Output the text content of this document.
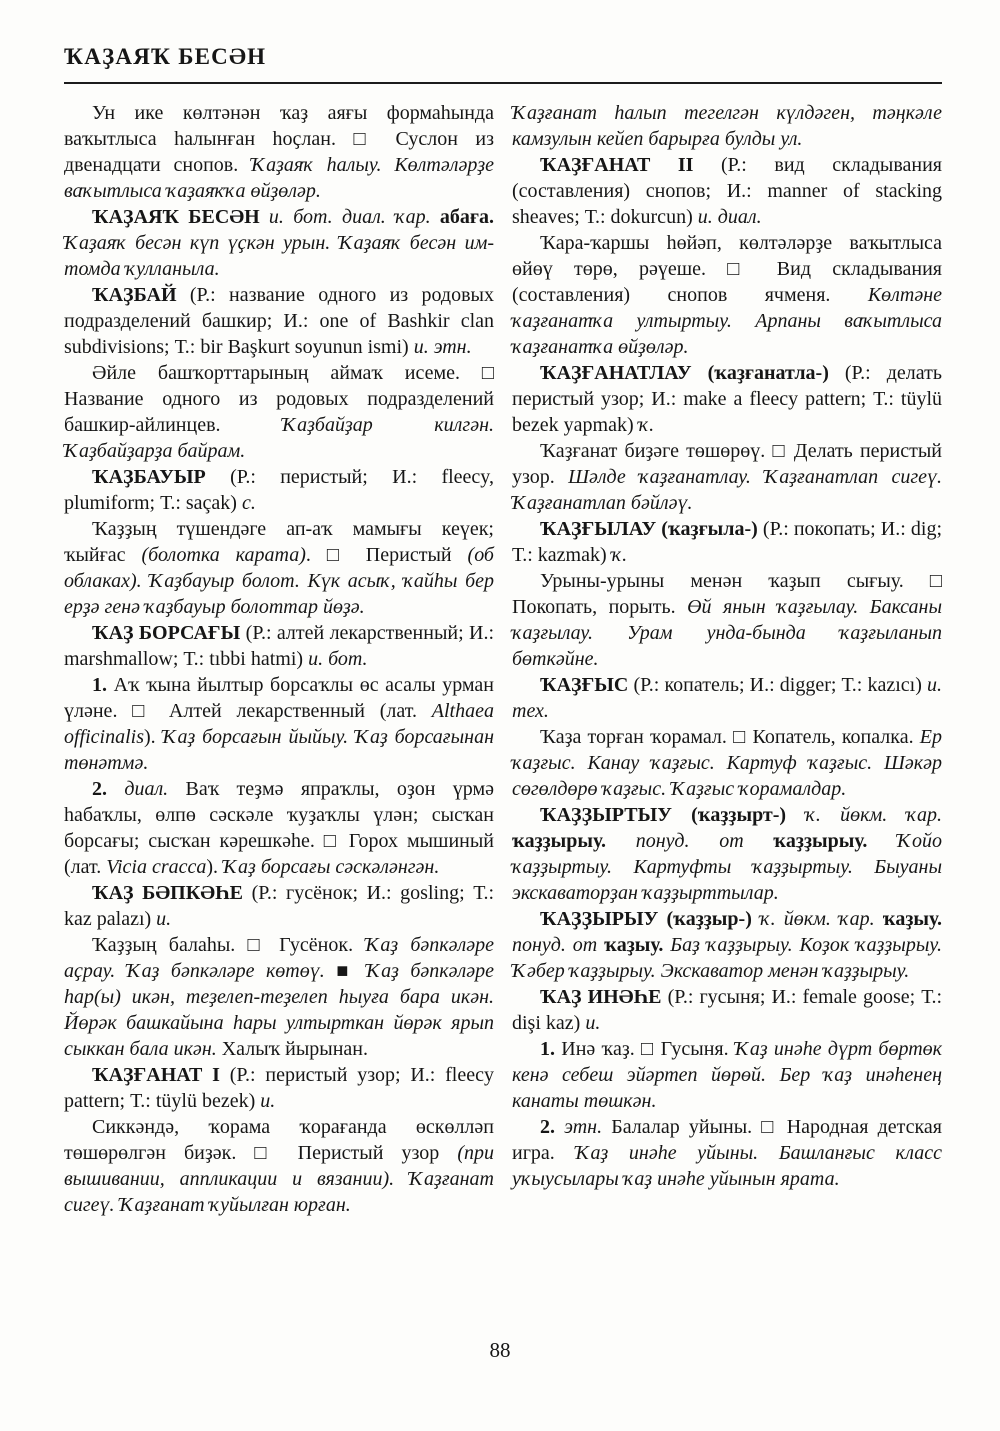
ҠАҘАЯҠ БЕСӘН

Ун ике көлтәнән ҡаҙ аяғы формаһында ваҡытлыса һалынған һоҫлан. □ Суслон из двенадцати снопов. Ҡаҙаяҡ һалыу. Көлтәләрҙе ваҡытлыса ҡаҙаяҡҡа өйҙөләр.

ҠАҘАЯҠ БЕСӘН и. бот. диал. ҡар. абаға. Ҡаҙаяҡ бесән күп үҫкән урын. Ҡаҙаяҡ бесән им-томда ҡулланыла.

ҠАҘБАЙ (Р.: название одного из родовых подразделений башкир; И.: one of Bashkir clan subdivisions; Т.: bir Başkurt soyunun ismi) и. этн.

Әйле башҡорттарының аймаҡ исеме. □ Название одного из родовых подразделений башкир-айлинцев. Ҡаҙбайҙар килгән. Ҡаҙбайҙарҙа байрам.

ҠАҘБАУЫР (Р.: перистый; И.: fleecy, plumiform; Т.: saçak) с.

Ҡаҙҙың түшендәге ап-аҡ мамығы кеүек; ҡыйғас (болотка карата). □ Перистый (об облаках). Ҡаҙбауыр болот. Күк асыҡ, ҡайһы бер ерҙә генә ҡаҙбауыр болоттар йөҙә.

ҠАҘ БОРСАҒЫ (Р.: алтей лекарственный; И.: marshmallow; Т.: tıbbi hatmi) и. бот.

1. Аҡ ҡына йылтыр борсаҡлы өс асалы урман үләне. □ Алтей лекарственный (лат. Althaea officinalis). Ҡаҙ борсағын йыйыу. Ҡаҙ борсағынан төнәтмә.

2. диал. Ваҡ теҙмә япраҡлы, оҙон үрмә һабаҡлы, өлпө сәскәле ҡуҙаҡлы үлән; сысҡан борсағы; сысҡан кәрешкәһе. □ Горох мышиный (лат. Vicia cracca). Ҡаҙ борсағы сәскәләнгән.

ҠАҘ БӘПКӘҺЕ (Р.: гусёнок; И.: gosling; Т.: kaz palazı) и.

Ҡаҙҙың балаһы. □ Гусёнок. Ҡаҙ бәпкәләре аҫрау. Ҡаҙ бәпкәләре көтөү. ■ Ҡаҙ бәпкәләре һар(ы) икән, теҙелеп-теҙелеп һыуға бара икән. Йөрәк башкайына һары ултырткан йөрәк ярып сыккан бала икән. Халыҡ йырынан.

ҠАҘҒАНАТ I (Р.: перистый узор; И.: fleecy pattern; Т.: tüylü bezek) и.

Сиккәндә, ҡорама ҡорағанда өскөлләп төшөрөлгән биҙәк. □ Перистый узор (при вышивании, аппликации и вязании). Ҡаҙғанат сигеү. Ҡаҙғанат ҡуйылған юрған.

Ҡаҙғанат һалып тегелгән күлдәген, тәңкәле камзулын кейеп барырға булды ул.

ҠАҘҒАНАТ II (Р.: вид складывания (составления) снопов; И.: manner of stacking sheaves; Т.: dokurcun) и. диал.

Ҡара-ҡаршы һөйәп, көлтәләрҙе ваҡытлыса өйөү төрө, рәүеше. □ Вид складывания (составления) снопов ячменя. Көлтәне ҡаҙғанатҡа ултыртыу. Арпаны ваҡытлыса ҡаҙғанатҡа өйҙөләр.

ҠАҘҒАНАТЛАУ (ҡаҙғанатла-) (Р.: делать перистый узор; И.: make a fleecy pattern; Т.: tüylü bezek yapmak) ҡ.

Ҡаҙғанат биҙәге төшөрөү. □ Делать перистый узор. Шәлде ҡаҙғанатлау. Ҡаҙғанатлап сигеү. Ҡаҙғанатлап бәйләү.

ҠАҘҒЫЛАУ (ҡаҙғыла-) (Р.: покопать; И.: dig; Т.: kazmak) ҡ.

Урыны-урыны менән ҡаҙып сығыу. □ Покопать, порыть. Өй янын ҡаҙғылау. Баксаны ҡаҙғылау. Урам унда-бында ҡаҙғыланып бөткәйне.

ҠАҘҒЫС (Р.: копатель; И.: digger; Т.: kazıcı) и. тех.

Ҡаҙа торған ҡорамал. □ Копатель, копалка. Ер ҡаҙғыс. Канау ҡаҙғыс. Картуф ҡаҙғыс. Шәкәр сөгөлдөрө ҡаҙғыс. Ҡаҙғыс ҡорамалдар.

ҠАҘҘЫРТЫУ (ҡаҙҙырт-) ҡ. йөкм. ҡар. ҡаҙҙырыу. понуд. от ҡаҙҙырыу. Ҡойо ҡаҙҙыртыу. Картуфты ҡаҙҙыртыу. Быуаны экскаваторҙан ҡаҙҙырттылар.

ҠАҘҘЫРЫУ (ҡаҙҙыр-) ҡ. йөкм. ҡар. ҡаҙыу. понуд. от ҡаҙыу. Баҙ ҡаҙҙырыу. Коҙок ҡаҙҙырыу. Ҡәбер ҡаҙҙырыу. Экскаватор менән ҡаҙҙырыу.

ҠАҘ ИНӘҺЕ (Р.: гусыня; И.: female goose; Т.: dişi kaz) и.

1. Инә ҡаҙ. □ Гусыня. Ҡаҙ инәһе дүрт бөртөк кенә себеш эйәртеп йөрөй. Бер ҡаҙ инәһенең канаты төшкән.

2. этн. Балалар уйыны. □ Народная детская игра. Ҡаҙ инәһе уйыны. Башланғыс класс уҡыусылары ҡаҙ инәһе уйынын ярата.

88
